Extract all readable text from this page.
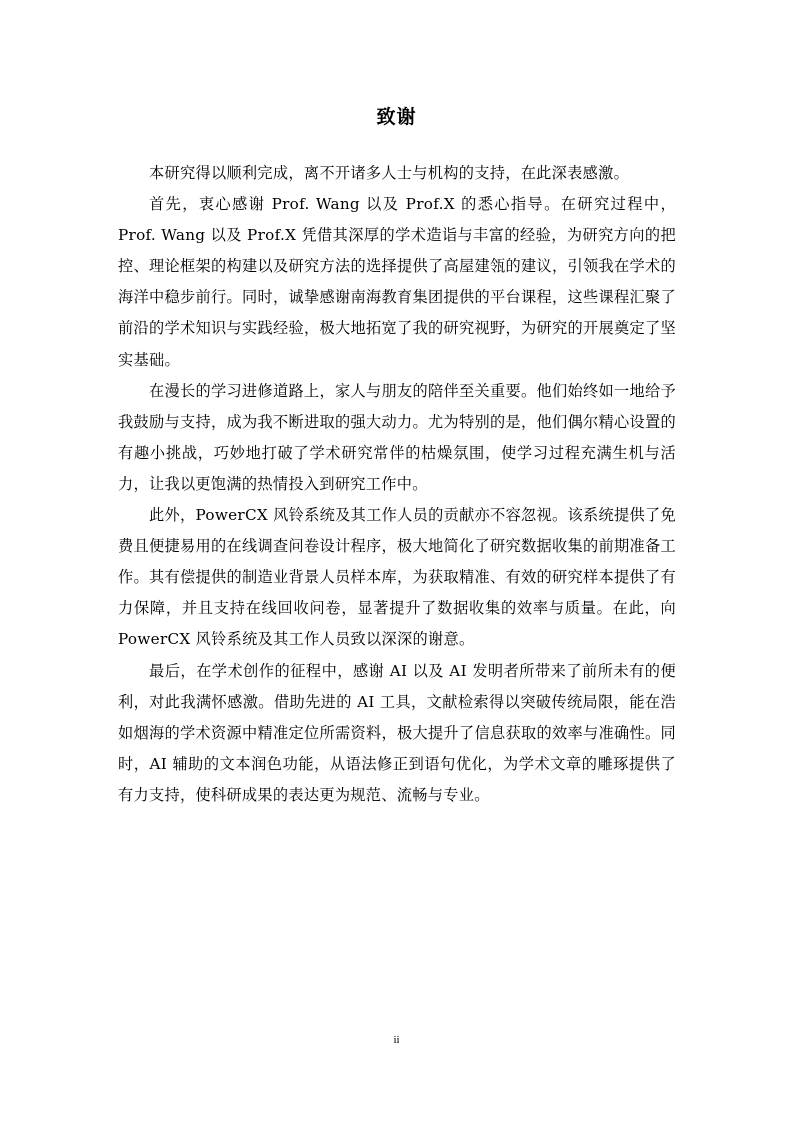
致谢

本研究得以顺利完成，离不开诸多人士与机构的支持，在此深表感激。

首先，衷心感谢 Prof. Wang 以及 Prof.X 的悉心指导。在研究过程中，Prof. Wang 以及 Prof.X 凭借其深厚的学术造诣与丰富的经验，为研究方向的把控、理论框架的构建以及研究方法的选择提供了高屋建瓴的建议，引领我在学术的海洋中稳步前行。同时，诚挚感谢南海教育集团提供的平台课程，这些课程汇聚了前沿的学术知识与实践经验，极大地拓宽了我的研究视野，为研究的开展奠定了坚实基础。

在漫长的学习进修道路上，家人与朋友的陪伴至关重要。他们始终如一地给予我鼓励与支持，成为我不断进取的强大动力。尤为特别的是，他们偶尔精心设置的有趣小挑战，巧妙地打破了学术研究常伴的枯燥氛围，使学习过程充满生机与活力，让我以更饱满的热情投入到研究工作中。

此外，PowerCX 风铃系统及其工作人员的贡献亦不容忽视。该系统提供了免费且便捷易用的在线调查问卷设计程序，极大地简化了研究数据收集的前期准备工作。其有偿提供的制造业背景人员样本库，为获取精准、有效的研究样本提供了有力保障，并且支持在线回收问卷，显著提升了数据收集的效率与质量。在此，向 PowerCX 风铃系统及其工作人员致以深深的谢意。

最后，在学术创作的征程中，感谢 AI 以及 AI 发明者所带来了前所未有的便利，对此我满怀感激。借助先进的 AI 工具，文献检索得以突破传统局限，能在浩如烟海的学术资源中精准定位所需资料，极大提升了信息获取的效率与准确性。同时，AI 辅助的文本润色功能，从语法修正到语句优化，为学术文章的雕琢提供了有力支持，使科研成果的表达更为规范、流畅与专业。

ii
